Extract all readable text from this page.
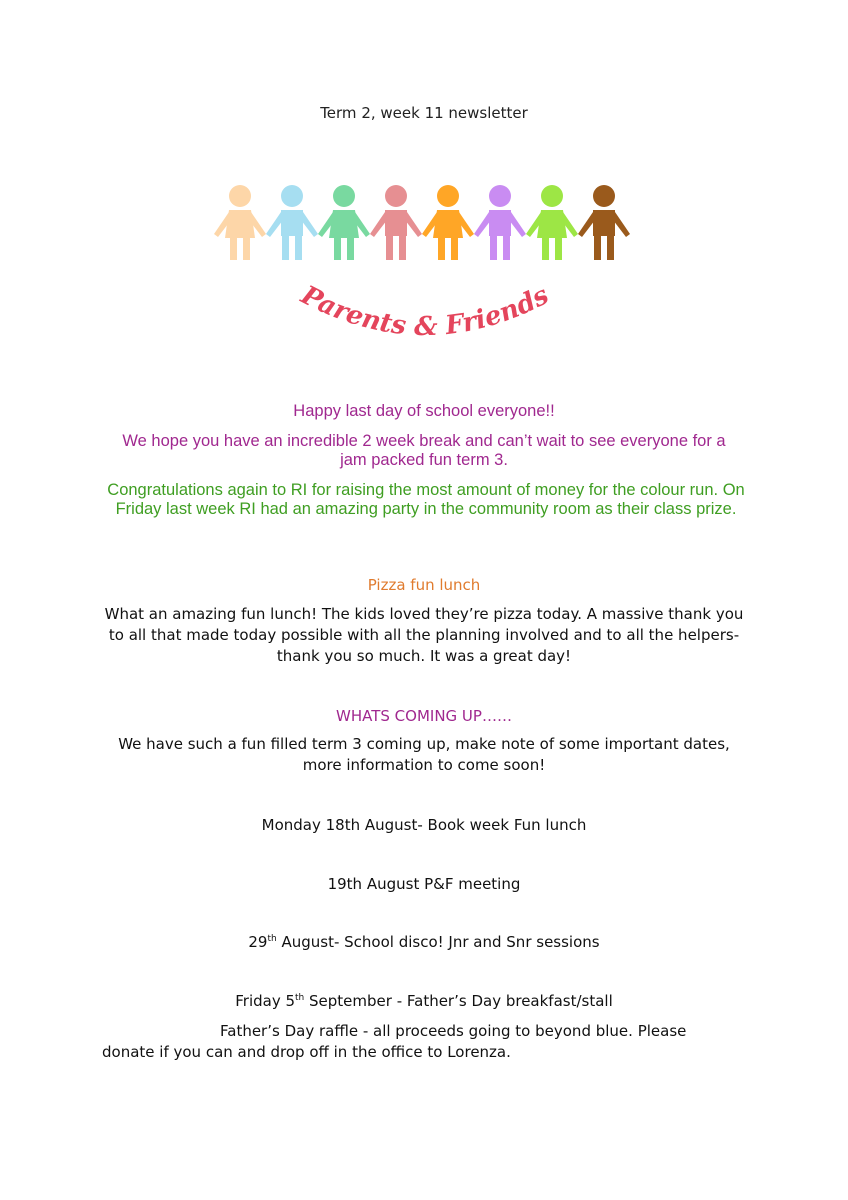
Term 2, week 11 newsletter
Parents & Friends
Happy last day of school everyone!!
We hope you have an incredible 2 week break and can’t wait to see everyone for a jam packed fun term 3.
Congratulations again to RI for raising the most amount of money for the colour run. On Friday last week RI had an amazing party in the community room as their class prize.
Pizza fun lunch
What an amazing fun lunch! The kids loved they’re pizza today. A massive thank you to all that made today possible with all the planning involved and to all the helpers- thank you so much. It was a great day!
WHATS COMING UP……
We have such a fun filled term 3 coming up, make note of some important dates, more information to come soon!
Monday 18th August- Book week Fun lunch
19th August P&F meeting
29th August- School disco! Jnr and Snr sessions
Friday 5th September - Father’s Day breakfast/stall
Father’s Day raffle - all proceeds going to beyond blue. Please donate if you can and drop off in the office to Lorenza.
